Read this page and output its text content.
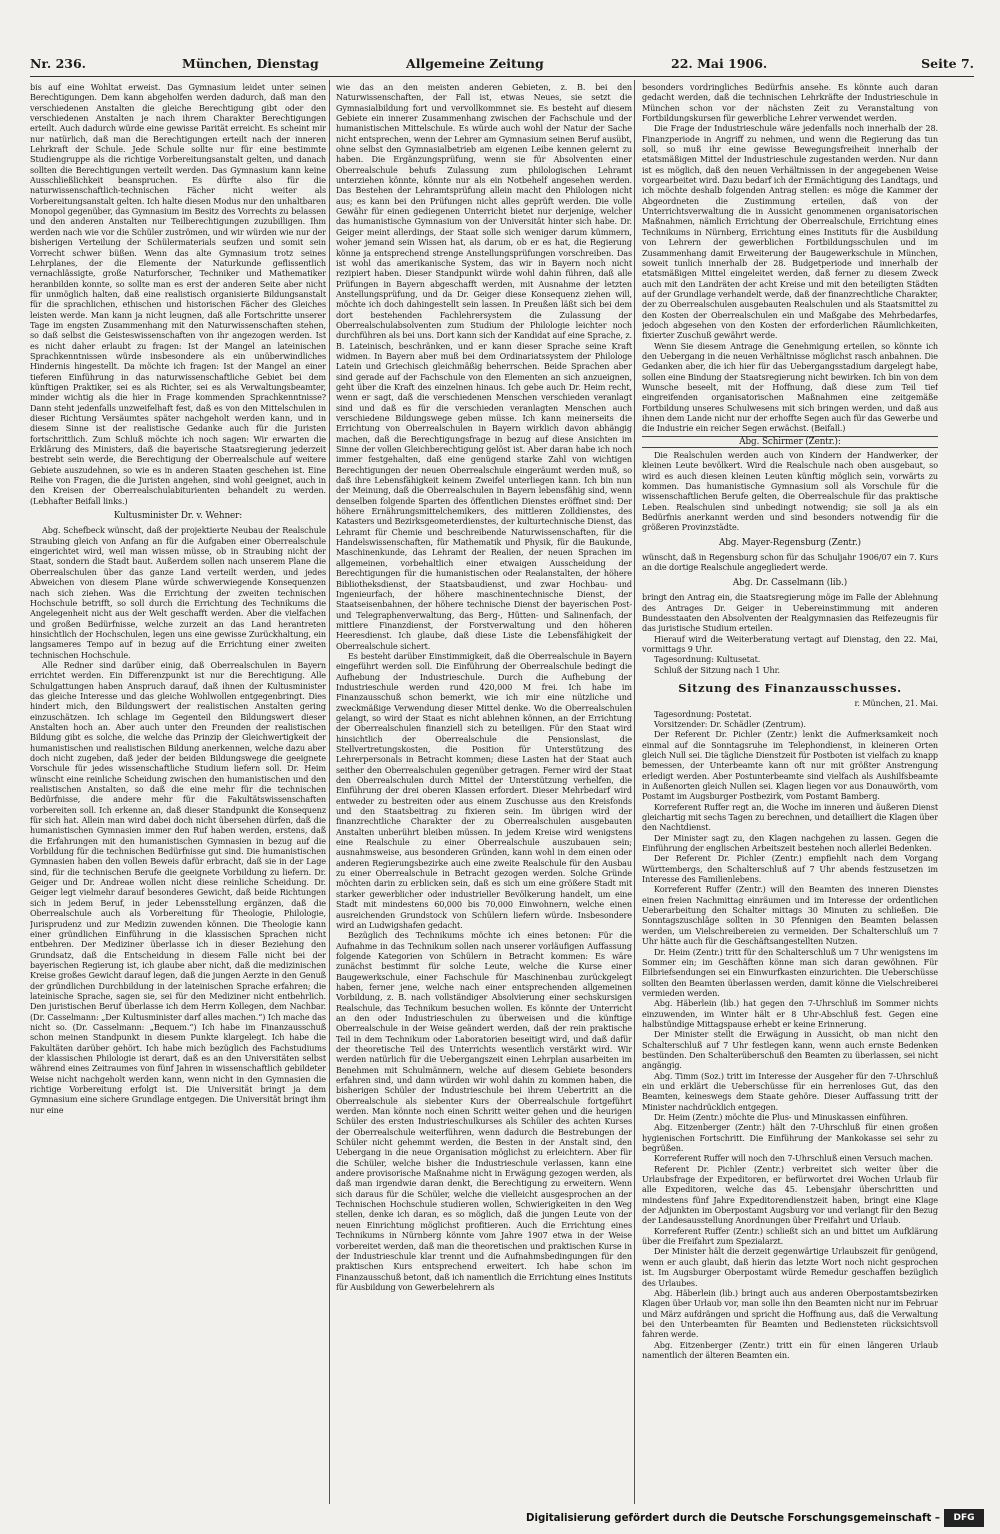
Nr. 236.	München, Dienstag	Allgemeine Zeitung	22. Mai 1906.	Seite 7.

bis auf eine Wohltat erweist. Das Gymnasium leidet unter seinen Berechtigungen. Dem kann abgeholfen werden dadurch, daß man den verschiedenen Anstalten die gleiche Berechtigung gibt oder den verschiedenen Anstalten je nach ihrem Charakter Berechtigungen erteilt. Auch dadurch würde eine gewisse Parität erreicht. Es scheint mir nur natürlich, daß man die Berechtigungen erteilt nach der inneren Lehrkraft der Schule. Jede Schule sollte nur für eine bestimmte Studiengruppe als die richtige Vorbereitungsanstalt gelten, und danach sollten die Berechtigungen verteilt werden. Das Gymnasium kann keine Ausschließlichkeit beanspruchen. Es dürfte also für die naturwissenschaftlich-technischen Fächer nicht weiter als Vorbereitungsanstalt gelten. Ich halte diesen Modus nur den unhaltbaren Monopol gegenüber, das Gymnasium im Besitz des Vorrechts zu belassen und den anderen Anstalten nur Teilberechtigungen zuzubilligen. Ihm werden nach wie vor die Schüler zuströmen, und wir würden wie nur der bisherigen Verteilung der Schülermaterials seufzen und somit sein Vorrecht schwer büßen. Wenn das alte Gymnasium trotz seines Lehrplanes, der die Elemente der Naturkunde geflissentlich vernachlässigte, große Naturforscher, Techniker und Mathematiker heranbilden konnte, so sollte man es erst der anderen Seite aber nicht für unmöglich halten, daß eine realistisch organisierte Bildungsanstalt für die sprachlichen, ethischen und historischen Fächer des Gleiches leisten werde. Man kann ja nicht leugnen, daß alle Fortschritte unserer Tage im engsten Zusammenhang mit den Naturwissenschaften stehen, so daß selbst die Geisteswissenschaften von ihr angezogen werden. Ist es nicht daher erlaubt zu fragen: Ist der Mangel an lateinischen Sprachkenntnissen würde insbesondere als ein unüberwindliches Hindernis hingestellt. Da möchte ich fragen: Ist der Mangel an einer tieferen Einführung in das naturwissenschaftliche Gebiet bei dem künftigen Praktiker, sei es als Richter, sei es als Verwaltungsbeamter, minder wichtig als die hier in Frage kommenden Sprachkenntnisse? Dann steht jedenfalls unzweifelhaft fest, daß es von den Mittelschulen in dieser Richtung Versäumtes später nachgeholt werden kann, und in diesem Sinne ist der realistische Gedanke auch für die Juristen fortschrittlich. Zum Schluß möchte ich noch sagen: Wir erwarten die Erklärung des Ministers, daß die bayerische Staatsregierung jederzeit bestrebt sein werde, die Berechtigung der Oberrealschule auf weitere Gebiete auszudehnen, so wie es in anderen Staaten geschehen ist. Eine Reihe von Fragen, die die Juristen angehen, sind wohl geeignet, auch in den Kreisen der Oberrealschulabiturienten behandelt zu werden. (Lebhafter Beifall links.)

Kultusminister Dr. v. Wehner:

Abg. Schefbeck wünscht, daß der projektierte Neubau der Realschule Straubing gleich von Anfang an für die Aufgaben einer Oberrealschule eingerichtet wird, weil man wissen müsse, ob in Straubing nicht der Staat, sondern die Stadt baut. Außerdem sollen nach unserem Plane die Oberrealschulen über das ganze Land verteilt werden, und jedes Abweichen von diesem Plane würde schwerwiegende Konsequenzen nach sich ziehen. Was die Errichtung der zweiten technischen Hochschule betrifft, so soll durch die Errichtung des Technikums die Angelegenheit nicht aus der Welt geschafft werden. Aber die vielfachen und großen Bedürfnisse, welche zurzeit an das Land herantreten hinsichtlich der Hochschulen, legen uns eine gewisse Zurückhaltung, ein langsameres Tempo auf in bezug auf die Errichtung einer zweiten technischen Hochschule.

Alle Redner sind darüber einig, daß Oberrealschulen in Bayern errichtet werden. Ein Differenzpunkt ist nur die Berechtigung. Alle Schulgattungen haben Anspruch darauf, daß ihnen der Kultusminister das gleiche Interesse und das gleiche Wohlwollen entgegenbringt. Dies hindert mich, den Bildungswert der realistischen Anstalten gering einzuschätzen. Ich schlage im Gegenteil den Bildungswert dieser Anstalten hoch an. Aber auch unter den Freunden der realistischen Bildung gibt es solche, die welche das Prinzip der Gleichwertigkeit der humanistischen und realistischen Bildung anerkennen, welche dazu aber doch nicht zugeben, daß jeder der beiden Bildungswege die geeignete Vorschule für jedes wissenschaftliche Studium liefern soll. Dr. Heim wünscht eine reinliche Scheidung zwischen den humanistischen und den realistischen Anstalten, so daß die eine mehr für die technischen Bedürfnisse, die andere mehr für die Fakultätswissenschaften vorbereiten soll. Ich erkenne an, daß dieser Standpunkt die Konsequenz für sich hat. Allein man wird dabei doch nicht übersehen dürfen, daß die humanistischen Gymnasien immer den Ruf haben werden, erstens, daß die Erfahrungen mit den humanistischen Gymnasien in bezug auf die Vorbildung für die technischen Bedürfnisse gut sind. Die humanistischen Gymnasien haben den vollen Beweis dafür erbracht, daß sie in der Lage sind, für die technischen Berufe die geeignete Vorbildung zu liefern. Dr. Geiger und Dr. Andreae wollen nicht diese reinliche Scheidung. Dr. Geiger legt vielmehr darauf besonderes Gewicht, daß beide Richtungen sich in jedem Beruf, in jeder Lebensstellung ergänzen, daß die Oberrealschule auch als Vorbereitung für Theologie, Philologie, Jurisprudenz und zur Medizin zuwenden können. Die Theologie kann einer gründlichen Einführung in die klassischen Sprachen nicht entbehren. Der Mediziner überlasse ich in dieser Beziehung den Grundsatz, daß die Entscheidung in diesem Falle nicht bei der bayerischen Regierung ist, ich glaube aber nicht, daß die medizinischen Kreise großes Gewicht darauf legen, daß die jungen Aerzte in den Genuß der gründlichen Durchbildung in der lateinischen Sprache erfahren; die lateinische Sprache, sagen sie, sei für den Mediziner nicht entbehrlich. Den juristischen Beruf überlasse ich dem Herrn Kollegen, dem Nachbar. (Dr. Casselmann: „Der Kultusminister darf alles machen.“) Ich mache das nicht so. (Dr. Casselmann: „Bequem.“) Ich habe im Finanzausschuß schon meinen Standpunkt in diesem Punkte klargelegt. Ich habe die Fakultäten darüber gehört. Ich habe mich bezüglich des Fachstudiums der klassischen Philologie ist derart, daß es an den Universitäten selbst während eines Zeitraumes von fünf Jahren in wissenschaftlich gebildeter Weise nicht nachgeholt werden kann, wenn nicht in den Gymnasien die richtige Vorbereitung erfolgt ist. Die Universität bringt ja dem Gymnasium eine sichere Grundlage entgegen. Die Universität bringt ihm nur eine

wie das an den meisten anderen Gebieten, z. B. bei den Naturwissenschaften, der Fall ist, etwas Neues, sie setzt die Gymnasialbildung fort und vervollkommnet sie. Es besteht auf diesem Gebiete ein innerer Zusammenhang zwischen der Fachschule und der humanistischen Mittelschule. Es würde auch wohl der Natur der Sache nicht entsprechen, wenn der Lehrer am Gymnasium seinen Beruf ausübt, ohne selbst den Gymnasialbetrieb am eigenen Leibe kennen gelernt zu haben. Die Ergänzungsprüfung, wenn sie für Absolventen einer Oberrealschule behufs Zulassung zum philologischen Lehramt unterziehen könnte, könnte nur als ein Notbehelf angesehen werden. Das Bestehen der Lehramtsprüfung allein macht den Philologen nicht aus; es kann bei den Prüfungen nicht alles geprüft werden. Die volle Gewähr für einen gediegenen Unterricht bietet nur derjenige, welcher das humanistische Gymnasium von der Universität hinter sich habe. Dr. Geiger meint allerdings, der Staat solle sich weniger darum kümmern, woher jemand sein Wissen hat, als darum, ob er es hat, die Regierung könne ja entsprechend strenge Anstellungsprüfungen vorschreiben. Das ist wohl das amerikanische System, das wir in Bayern noch nicht rezipiert haben. Dieser Standpunkt würde wohl dahin führen, daß alle Prüfungen in Bayern abgeschafft werden, mit Ausnahme der letzten Anstellungsprüfung, und da Dr. Geiger diese Konsequenz ziehen will, möchte ich doch dahingestellt sein lassen. In Preußen läßt sich bei dem dort bestehenden Fachlehrersystem die Zulassung der Oberrealschulabsolventen zum Studium der Philologie leichter noch durchführen als bei uns. Dort kann sich der Kandidat auf eine Sprache, z. B. Lateinisch, beschränken, und er kann dieser Sprache seine Kraft widmen. In Bayern aber muß bei dem Ordinariatssystem der Philologe Latein und Griechisch gleichmäßig beherrschen. Beide Sprachen aber sind gerade auf der Fachschule von den Elementen an sich anzueignen, geht über die Kraft des einzelnen hinaus. Ich gebe auch Dr. Heim recht, wenn er sagt, daß die verschiedenen Menschen verschieden veranlagt sind und daß es für die verschieden veranlagten Menschen auch verschiedene Bildungswege geben müsse. Ich kann meinerseits die Errichtung von Oberrealschulen in Bayern wirklich davon abhängig machen, daß die Berechtigungsfrage in bezug auf diese Ansichten im Sinne der vollen Gleichberechtigung gelöst ist. Aber daran habe ich noch immer festgehalten, daß eine genügend starke Zahl von wichtigen Berechtigungen der neuen Oberrealschule eingeräumt werden muß, so daß ihre Lebensfähigkeit keinem Zweifel unterliegen kann. Ich bin nun der Meinung, daß die Oberrealschulen in Bayern lebensfähig sind, wenn denselben folgende Sparten des öffentlichen Dienstes eröffnet sind: Der höhere Ernährungsmittelchemikers, des mittleren Zolldienstes, des Katasters und Bezirksgeometerdienstes, der kulturtechnische Dienst, das Lehramt für Chemie und beschreibende Naturwissenschaften, für die Handelswissenschaften, für Mathematik und Physik, für die Baukunde, Maschinenkunde, das Lehramt der Realien, der neuen Sprachen im allgemeinen, vorbehaltlich einer etwaigen Ausscheidung der Berechtigungen für die humanistischen oder Realanstalten, der höhere Bibliotheksdienst, der Staatsbaudienst, und zwar Hochbau- und Ingenieurfach, der höhere maschinentechnische Dienst, der Staatseisenbahnen, der höhere technische Dienst der bayerischen Post- und Telegraphenverwaltung, das Berg-, Hütten- und Salinenfach, der mittlere Finanzdienst, der Forstverwaltung und den höheren Heeresdienst. Ich glaube, daß diese Liste die Lebensfähigkeit der Oberrealschule sichert.

Es besteht darüber Einstimmigkeit, daß die Oberrealschule in Bayern eingeführt werden soll. Die Einführung der Oberrealschule bedingt die Aufhebung der Industrieschule. Durch die Aufhebung der Industrieschule werden rund 420,000 M frei. Ich habe im Finanzausschuß schon bemerkt, wie ich mir eine nützliche und zweckmäßige Verwendung dieser Mittel denke. Wo die Oberrealschulen gelangt, so wird der Staat es nicht ablehnen können, an der Errichtung der Oberrealschulen finanziell sich zu beteiligen. Für den Staat wird hinsichtlich der Oberrealschule die Pensionslast, die Stellvertretungskosten, die Position für Unterstützung des Lehrerpersonals in Betracht kommen; diese Lasten hat der Staat auch seither den Oberrealschulen gegenüber getragen. Ferner wird der Staat den Oberrealschulen durch Mittel der Unterstützung verhelfen, die Einführung der drei oberen Klassen erfordert. Dieser Mehrbedarf wird entweder zu bestreiten oder aus einem Zuschusse aus den Kreisfonds und den Staatsbeitrag zu fixieren sein. Im übrigen wird der finanzrechtliche Charakter der zu Oberrealschulen ausgebauten Anstalten unberührt bleiben müssen. In jedem Kreise wird wenigstens eine Realschule zu einer Oberrealschule auszubauen sein; ausnahmsweise, aus besonderen Gründen, kann wohl in dem einen oder anderen Regierungsbezirke auch eine zweite Realschule für den Ausbau zu einer Oberrealschule in Betracht gezogen werden. Solche Gründe möchten darin zu erblicken sein, daß es sich um eine größere Stadt mit starker gewerblicher oder industrieller Bevölkerung handelt, um eine Stadt mit mindestens 60,000 bis 70,000 Einwohnern, welche einen ausreichenden Grundstock von Schülern liefern würde. Insbesondere wird an Ludwigshafen gedacht.

Bezüglich des Technikums möchte ich eines betonen: Für die Aufnahme in das Technikum sollen nach unserer vorläufigen Auffassung folgende Kategorien von Schülern in Betracht kommen: Es wäre zunächst bestimmt für solche Leute, welche die Kurse einer Baugewerkschule, einer Fachschule für Maschinenbau zurückgelegt haben, ferner jene, welche nach einer entsprechenden allgemeinen Vorbildung, z. B. nach vollständiger Absolvierung einer sechskursigen Realschule, das Technikum besuchen wollen. Es könnte der Unterricht an den oder Industrieschulen zu überweisen und die künftige Oberrealschule in der Weise geändert werden, daß der rein praktische Teil in dem Technikum oder Laboratorien beseitigt wird, und daß dafür der theoretische Teil des Unterrichts wesentlich verstärkt wird. Wir werden natürlich für die Uebergangszeit einen Lehrplan ausarbeiten im Benehmen mit Schulmännern, welche auf diesem Gebiete besonders erfahren sind, und dann würden wir wohl dahin zu kommen haben, die bisherigen Schüler der Industrieschule bei ihrem Uebertritt an die Oberrealschule als siebenter Kurs der Oberrealschule fortgeführt werden. Man könnte noch einen Schritt weiter gehen und die heurigen Schüler des ersten Industrieschulkurses als Schüler des achten Kurses der Oberrealschule weiterführen, wenn dadurch die Bestrebungen der Schüler nicht gehemmt werden, die Besten in der Anstalt sind, den Uebergang in die neue Organisation möglichst zu erleichtern. Aber für die Schüler, welche bisher die Industrieschule verlassen, kann eine andere provisorische Maßnahme nicht in Erwägung gezogen werden, als daß man irgendwie daran denkt, die Berechtigung zu erweitern. Wenn sich daraus für die Schüler, welche die vielleicht ausgesprochen an der Technischen Hochschule studieren wollen, Schwierigkeiten in den Weg stellen, denke ich daran, es so möglich, daß die jungen Leute von der neuen Einrichtung möglichst profitieren. Auch die Errichtung eines Technikums in Nürnberg könnte vom Jahre 1907 etwa in der Weise vorbereitet werden, daß man die theoretischen und praktischen Kurse in der Industrieschule klar trennt und die Aufnahmsbedingungen für den praktischen Kurs entsprechend erweitert. Ich habe schon im Finanzausschuß betont, daß ich namentlich die Errichtung eines Instituts für Ausbildung von Gewerbelehrern als

besonders vordringliches Bedürfnis ansehe. Es könnte auch daran gedacht werden, daß die technischen Lehrkräfte der Industrieschule in München schon vor der nächsten Zeit zu Veranstaltung von Fortbildungskursen für gewerbliche Lehrer verwendet werden.

Die Frage der Industrieschule wäre jedenfalls noch innerhalb der 28. Finanzperiode in Angriff zu nehmen, und wenn die Regierung das tun soll, so muß ihr eine gewisse Bewegungsfreiheit innerhalb der etatsmäßigen Mittel der Industrieschule zugestanden werden. Nur dann ist es möglich, daß den neuen Verhältnissen in der angegebenen Weise vorgearbeitet wird. Dazu bedarf ich der Ermächtigung des Landtags, und ich möchte deshalb folgenden Antrag stellen: es möge die Kammer der Abgeordneten die Zustimmung erteilen, daß von der Unterrichtsverwaltung die in Aussicht genommenen organisatorischen Maßnahmen, nämlich Errichtung der Oberrealschule, Errichtung eines Technikums in Nürnberg, Errichtung eines Instituts für die Ausbildung von Lehrern der gewerblichen Fortbildungsschulen und im Zusammenhang damit Erweiterung der Baugewerkschule in München, soweit tunlich innerhalb der 28. Budgetperiode und innerhalb der etatsmäßigen Mittel eingeleitet werden, daß ferner zu diesem Zweck auch mit den Landräten der acht Kreise und mit den beteiligten Städten auf der Grundlage verhandelt werde, daß der finanzrechtliche Charakter, der zu Oberrealschulen ausgebauten Realschulen und als Staatsmittel zu den Kosten der Oberrealschulen ein und Maßgabe des Mehrbedarfes, jedoch abgesehen von den Kosten der erforderlichen Räumlichkeiten, fixierter Zuschuß gewährt werde.

Wenn Sie diesem Antrage die Genehmigung erteilen, so könnte ich den Uebergang in die neuen Verhältnisse möglichst rasch anbahnen. Die Gedanken aber, die ich hier für das Uebergangsstadium dargelegt habe, sollen eine Bindung der Staatsregierung nicht bewirken. Ich bin von dem Wunsche beseelt, mit der Hoffnung, daß diese zum Teil tief eingreifenden organisatorischen Maßnahmen eine zeitgemäße Fortbildung unseres Schulwesens mit sich bringen werden, und daß aus ihnen dem Lande nicht nur der erhoffte Segen auch für das Gewerbe und die Industrie ein reicher Segen erwächst. (Beifall.)

Abg. Schirmer (Zentr.):

Die Realschulen werden auch von Kindern der Handwerker, der kleinen Leute bevölkert. Wird die Realschule nach oben ausgebaut, so wird es auch diesen kleinen Leuten künftig möglich sein, vorwärts zu kommen. Das humanistische Gymnasium soll als Vorschule für die wissenschaftlichen Berufe gelten, die Oberrealschule für das praktische Leben. Realschulen sind unbedingt notwendig; sie soll ja als ein Bedürfnis anerkannt werden und sind besonders notwendig für die größeren Provinzstädte.

Abg. Mayer-Regensburg (Zentr.)

wünscht, daß in Regensburg schon für das Schuljahr 1906/07 ein 7. Kurs an die dortige Realschule angegliedert werde.

Abg. Dr. Casselmann (lib.)

bringt den Antrag ein, die Staatsregierung möge im Falle der Ablehnung des Antrages Dr. Geiger in Uebereinstimmung mit anderen Bundesstaaten den Absolventen der Realgymnasien das Reifezeugnis für das juristische Studium erteilen.

Hierauf wird die Weiterberatung vertagt auf Dienstag, den 22. Mai, vormittags 9 Uhr.

Tagesordnung: Kultusetat.

Schluß der Sitzung nach 1 Uhr.

Sitzung des Finanzausschusses.

r. München, 21. Mai.

Tagesordnung: Postetat.

Vorsitzender: Dr. Schädler (Zentrum).

Der Referent Dr. Pichler (Zentr.) lenkt die Aufmerksamkeit noch einmal auf die Sonntagsruhe im Telephondienst, in kleineren Orten gleich Null sei. Die tägliche Dienstzeit für Postboten ist vielfach zu knapp bemessen, der Unterbeamte kann oft nur mit größter Anstrengung erledigt werden. Aber Postunterbeamte sind vielfach als Aushilfsbeamte in Außenorten gleich Nullen sei. Klagen liegen vor aus Donauwörth, vom Postamt im Augsburger Postbezirk, vom Postamt Bamberg.

Korreferent Ruffer regt an, die Woche im inneren und äußeren Dienst gleichartig mit sechs Tagen zu berechnen, und detailliert die Klagen über den Nachtdienst.

Der Minister sagt zu, den Klagen nachgehen zu lassen. Gegen die Einführung der englischen Arbeitszeit bestehen noch allerlei Bedenken.

Der Referent Dr. Pichler (Zentr.) empfiehlt nach dem Vorgang Württembergs, den Schalterschluß auf 7 Uhr abends festzusetzen im Interesse des Familienlebens.

Korreferent Ruffer (Zentr.) will den Beamten des inneren Dienstes einen freien Nachmittag einräumen und im Interesse der ordentlichen Ueberarbeitung den Schalter mittags 30 Minuten zu schließen. Die Sonntagszuschläge sollten in 30 Pfennigen den Beamten belassen werden, um Vielschreibereien zu vermeiden. Der Schalterschluß um 7 Uhr hätte auch für die Geschäftsangestellten Nutzen.

Dr. Heim (Zentr.) tritt für den Schalterschluß um 7 Uhr wenigstens im Sommer ein; im Geschäften könne man sich daran gewöhnen. Für Eilbriefsendungen sei ein Einwurfkasten einzurichten. Die Ueberschüsse sollten den Beamten überlassen werden, damit könne die Vielschreiberei vermieden werden.

Abg. Häberlein (lib.) hat gegen den 7-Uhrschluß im Sommer nichts einzuwenden, im Winter hält er 8 Uhr-Abschluß fest. Gegen eine halbstündige Mittagspause erhebt er keine Erinnerung.

Der Minister stellt die Erwägung in Aussicht, ob man nicht den Schalterschluß auf 7 Uhr festlegen kann, wenn auch ernste Bedenken bestünden. Den Schalterüberschuß den Beamten zu überlassen, sei nicht angängig.

Abg. Timm (Soz.) tritt im Interesse der Ausgeher für den 7-Uhrschluß ein und erklärt die Ueberschüsse für ein herrenloses Gut, das den Beamten, keineswegs dem Staate gehöre. Dieser Auffassung tritt der Minister nachdrücklich entgegen.

Dr. Heim (Zentr.) möchte die Plus- und Minuskassen einführen.

Abg. Eitzenberger (Zentr.) hält den 7-Uhrschluß für einen großen hygienischen Fortschritt. Die Einführung der Mankokasse sei sehr zu begrüßen.

Korreferent Ruffer will noch den 7-Uhrschluß einen Versuch machen.

Referent Dr. Pichler (Zentr.) verbreitet sich weiter über die Urlaubsfrage der Expeditoren, er befürwortet drei Wochen Urlaub für alle Expeditoren, welche das 45. Lebensjahr überschritten und mindestens fünf Jahre Expeditorendienstzeit haben, bringt eine Klage der Adjunkten im Oberpostamt Augsburg vor und verlangt für den Bezug der Landesausstellung Anordnungen über Freifahrt und Urlaub.

Korreferent Ruffer (Zentr.) schließt sich an und bittet um Aufklärung über die Freifahrt zum Spezialarzt.

Der Minister hält die derzeit gegenwärtige Urlaubszeit für genügend, wenn er auch glaubt, daß hierin das letzte Wort noch nicht gesprochen ist. Im Augsburger Oberpostamt würde Remedur geschaffen bezüglich des Urlaubes.

Abg. Häberlein (lib.) bringt auch aus anderen Oberpostamtsbezirken Klagen über Urlaub vor, man solle ihn den Beamten nicht nur im Februar und März aufdrängen und spricht die Hoffnung aus, daß die Verwaltung bei den Unterbeamten für Beamten und Bediensteten rücksichtsvoll fahren werde.

Abg. Eitzenberger (Zentr.) tritt ein für einen längeren Urlaub namentlich der älteren Beamten ein.

Digitalisierung gefördert durch die Deutsche Forschungsgemeinschaft –	DFG
